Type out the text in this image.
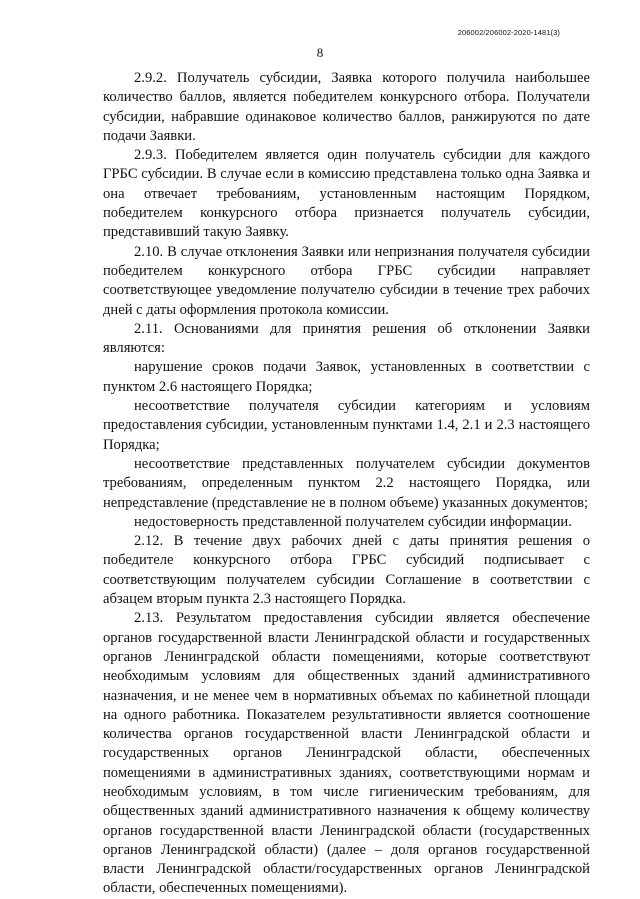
206002/206002-2020-1481(3)
8

2.9.2. Получатель субсидии, Заявка которого получила наибольшее количество баллов, является победителем конкурсного отбора. Получатели субсидии, набравшие одинаковое количество баллов, ранжируются по дате подачи Заявки.

2.9.3. Победителем является один получатель субсидии для каждого ГРБС субсидии. В случае если в комиссию представлена только одна Заявка и она отвечает требованиям, установленным настоящим Порядком, победителем конкурсного отбора признается получатель субсидии, представивший такую Заявку.

2.10. В случае отклонения Заявки или непризнания получателя субсидии победителем конкурсного отбора ГРБС субсидии направляет соответствующее уведомление получателю субсидии в течение трех рабочих дней с даты оформления протокола комиссии.

2.11. Основаниями для принятия решения об отклонении Заявки являются:

нарушение сроков подачи Заявок, установленных в соответствии с пунктом 2.6 настоящего Порядка;

несоответствие получателя субсидии категориям и условиям предоставления субсидии, установленным пунктами 1.4, 2.1 и 2.3 настоящего Порядка;

несоответствие представленных получателем субсидии документов требованиям, определенным пунктом 2.2 настоящего Порядка, или непредставление (представление не в полном объеме) указанных документов;

недостоверность представленной получателем субсидии информации.

2.12. В течение двух рабочих дней с даты принятия решения о победителе конкурсного отбора ГРБС субсидий подписывает с соответствующим получателем субсидии Соглашение в соответствии с абзацем вторым пункта 2.3 настоящего Порядка.

2.13. Результатом предоставления субсидии является обеспечение органов государственной власти Ленинградской области и государственных органов Ленинградской области помещениями, которые соответствуют необходимым условиям для общественных зданий административного назначения, и не менее чем в нормативных объемах по кабинетной площади на одного работника. Показателем результативности является соотношение количества органов государственной власти Ленинградской области и государственных органов Ленинградской области, обеспеченных помещениями в административных зданиях, соответствующими нормам и необходимым условиям, в том числе гигиеническим требованиям, для общественных зданий административного назначения к общему количеству органов государственной власти Ленинградской области (государственных органов Ленинградской области) (далее – доля органов государственной власти Ленинградской области/государственных органов Ленинградской области, обеспеченных помещениями).
